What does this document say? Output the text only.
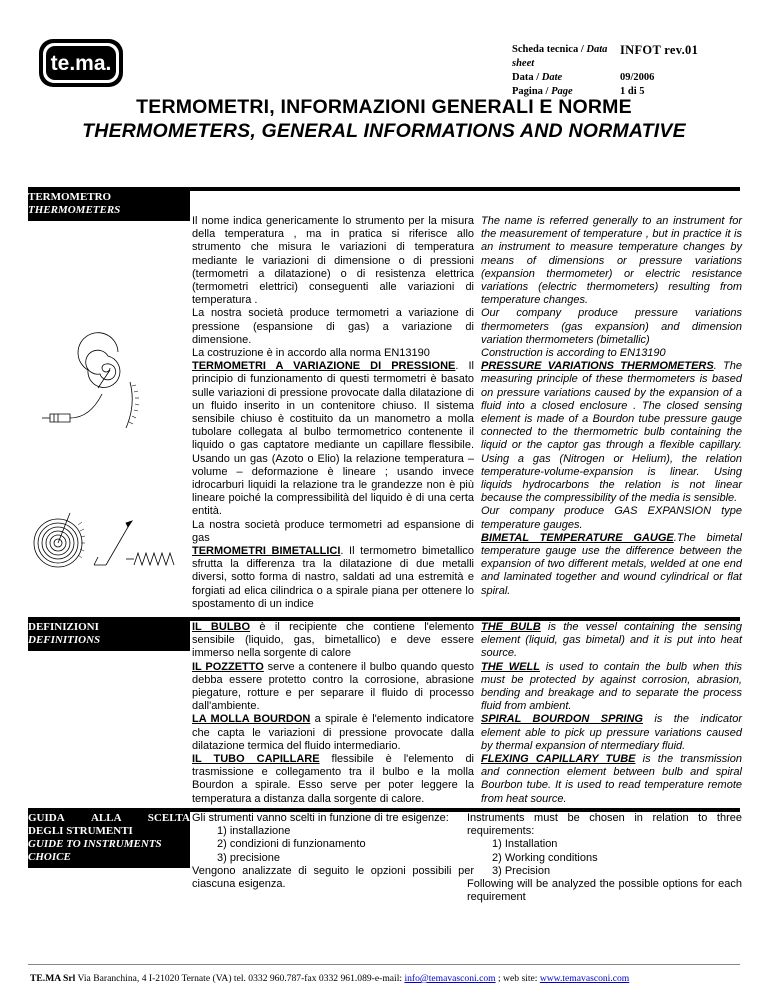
te.ma.
Scheda tecnica / Data sheet
INFOT rev.01
Data / Date	09/2006
Pagina / Page	1 di 5
TERMOMETRI, INFORMAZIONI GENERALI E NORME
THERMOMETERS, GENERAL INFORMATIONS AND NORMATIVE
TERMOMETRO
THERMOMETERS

Il nome indica genericamente lo strumento per la misura della temperatura , ma in pratica si riferisce allo strumento che misura le variazioni di temperatura mediante le variazioni di dimensione o di pressioni (termometri a dilatazione) o di resistenza elettrica (termometri elettrici) conseguenti alle variazioni di temperatura .

La nostra società produce termometri a variazione di pressione (espansione di gas) a variazione di dimensione.

La costruzione è in accordo alla norma EN13190

TERMOMETRI A VARIAZIONE DI PRESSIONE. Il principio di funzionamento di questi termometri è basato sulle variazioni di pressione provocate dalla dilatazione di un fluido inserito in un contenitore chiuso. Il sistema sensibile chiuso è costituito da un manometro a molla tubolare collegata al bulbo termometrico contenente il liquido o gas captatore mediante un capillare flessibile. Usando un gas (Azoto o Elio) la relazione temperatura – volume – deformazione è lineare ; usando invece idrocarburi liquidi la relazione tra le grandezze non è più lineare poiché la compressibilità del liquido è di una certa entità.

La nostra società produce termometri ad espansione di gas

TERMOMETRI BIMETALLICI. Il termometro bimetallico sfrutta la differenza tra la dilatazione di due metalli diversi, sotto forma di nastro, saldati ad una estremità e forgiati ad elica cilindrica o a spirale piana per ottenere lo spostamento di un indice

The name is referred generally to an instrument for the measurement of temperature , but in practice it is an instrument to measure temperature changes by means of dimensions or pressure variations (expansion thermometer) or electric resistance variations (electric thermometers) resulting from temperature changes.

Our company produce pressure variations thermometers (gas expansion) and dimension variation thermometers (bimetallic)

Construction is according to EN13190

PRESSURE VARIATIONS THERMOMETERS. The measuring principle of these thermometers is based on pressure variations caused by the expansion of a fluid into a closed enclosure . The closed sensing element is made of a Bourdon tube pressure gauge connected to the thermometric bulb containing the liquid or the captor gas through a flexible capillary. Using a gas (Nitrogen or Helium), the relation temperature-volume-expansion is linear. Using liquids hydrocarbons the relation is not linear because the compressibility of the media is sensible.

Our company produce GAS EXPANSION type temperature gauges.

BIMETAL TEMPERATURE GAUGE.The bimetal temperature gauge use the difference between the expansion of two different metals, welded at one end and laminated together and wound cylindrical or flat spiral.

DEFINIZIONI
DEFINITIONS

IL BULBO è il recipiente che contiene l'elemento sensibile (liquido, gas, bimetallico) e deve essere immerso nella sorgente di calore

IL POZZETTO serve a contenere il bulbo quando questo debba essere protetto contro la corrosione, abrasione piegature, rotture e per separare il fluido di processo dall'ambiente.

LA MOLLA BOURDON a spirale è l'elemento indicatore che capta le variazioni di pressione provocate dalla dilatazione termica del fluido intermediario.

IL TUBO CAPILLARE flessibile è l'elemento di trasmissione e collegamento tra il bulbo e la molla Bourdon a spirale. Esso serve per poter leggere la temperatura a distanza dalla sorgente di calore.

THE BULB is the vessel containing the sensing element (liquid, gas bimetal) and it is put into heat source.

THE WELL is used to contain the bulb when this must be protected by against corrosion, abrasion, bending and breakage and to separate the process fluid from ambient.

SPIRAL BOURDON SPRING is the indicator element able to pick up pressure variations caused by thermal expansion of ntermediary fluid.

FLEXING CAPILLARY TUBE is the transmission and connection element between bulb and spiral Bourbon tube. It is used to read temperature remote from heat source.

GUIDA ALLA SCELTA
DEGLI STRUMENTI
GUIDE TO INSTRUMENTS
CHOICE

Gli strumenti vanno scelti in funzione di tre esigenze:

1) installazione
2) condizioni di funzionamento
3) precisione

Vengono analizzate di seguito le opzioni possibili per ciascuna esigenza.

Instruments must be chosen in relation to three requirements:

1) Installation
2) Working conditions
3) Precision

Following will be analyzed the possible options for each requirement

TE.MA Srl Via Baranchina, 4 I-21020 Ternate (VA) tel. 0332 960.787-fax 0332 961.089-e-mail: info@temavasconi.com ; web site: www.temavasconi.com
